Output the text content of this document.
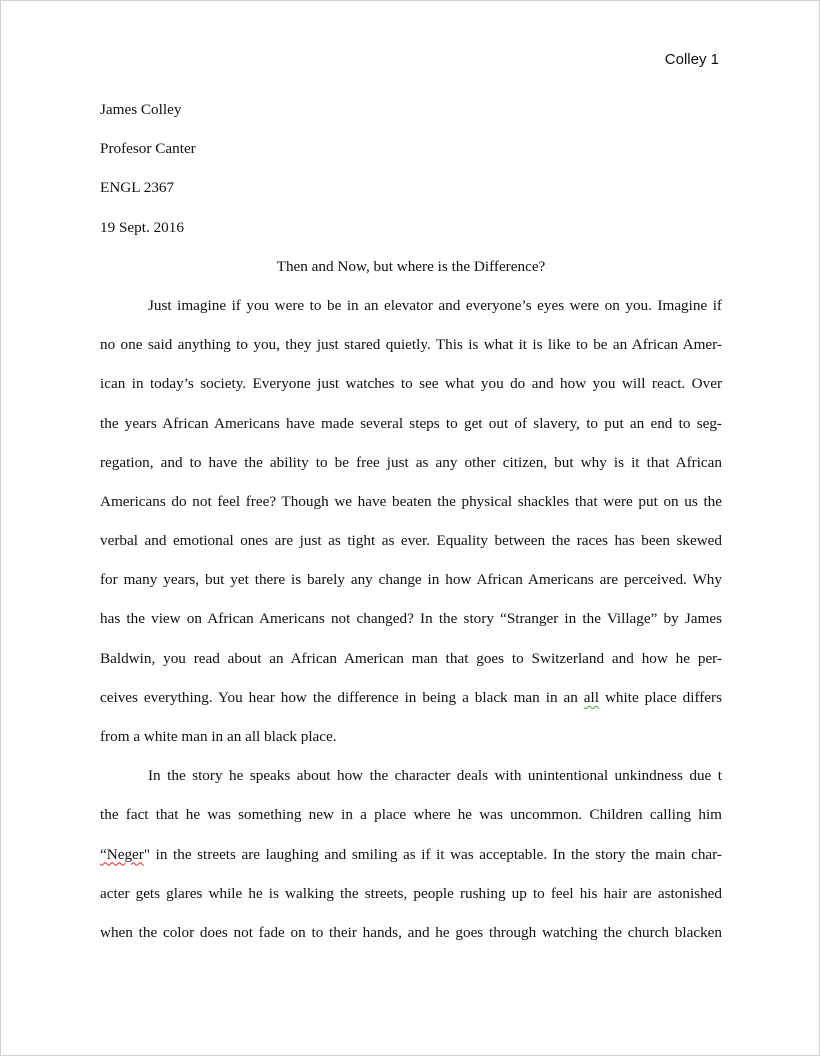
Colley 1
James Colley
Profesor Canter
ENGL 2367
19 Sept. 2016
Then and Now, but where is the Difference?
Just imagine if you were to be in an elevator and everyone’s eyes were on you. Imagine if
no one said anything to you, they just stared quietly. This is what it is like to be an African Amer-
ican in today’s society. Everyone just watches to see what you do and how you will react. Over
the years African Americans have made several steps to get out of slavery, to put an end to seg-
regation, and to have the ability to be free just as any other citizen, but why is it that African
Americans do not feel free? Though we have beaten the physical shackles that were put on us the
verbal and emotional ones are just as tight as ever. Equality between the races has been skewed
for many years, but yet there is barely any change in how African Americans are perceived. Why
has the view on African Americans not changed? In the story “Stranger in the Village” by James
Baldwin, you read about an African American man that goes to Switzerland and how he per-
ceives everything. You hear how the difference in being a black man in an all white place differs
from a white man in an all black place.
In the story he speaks about how the character deals with unintentional unkindness due t
the fact that he was something new in a place where he was uncommon. Children calling him
“Neger" in the streets are laughing and smiling as if it was acceptable. In the story the main char-
acter gets glares while he is walking the streets, people rushing up to feel his hair are astonished
when the color does not fade on to their hands, and he goes through watching the church blacken
